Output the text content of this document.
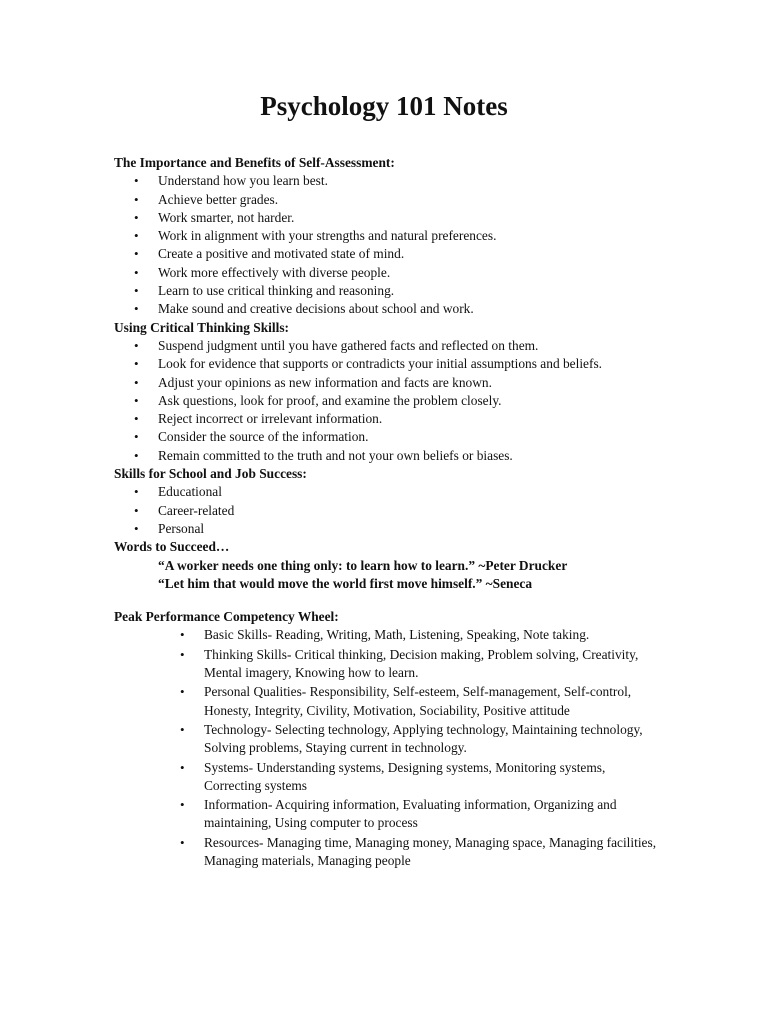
Psychology 101 Notes

The Importance and Benefits of Self-Assessment:

• Understand how you learn best.
• Achieve better grades.
• Work smarter, not harder.
• Work in alignment with your strengths and natural preferences.
• Create a positive and motivated state of mind.
• Work more effectively with diverse people.
• Learn to use critical thinking and reasoning.
• Make sound and creative decisions about school and work.

Using Critical Thinking Skills:

• Suspend judgment until you have gathered facts and reflected on them.
• Look for evidence that supports or contradicts your initial assumptions and beliefs.
• Adjust your opinions as new information and facts are known.
• Ask questions, look for proof, and examine the problem closely.
• Reject incorrect or irrelevant information.
• Consider the source of the information.
• Remain committed to the truth and not your own beliefs or biases.

Skills for School and Job Success:

• Educational
• Career-related
• Personal

Words to Succeed…

“A worker needs one thing only: to learn how to learn.” ~Peter Drucker
“Let him that would move the world first move himself.” ~Seneca

Peak Performance Competency Wheel:

• Basic Skills- Reading, Writing, Math, Listening, Speaking, Note taking.
• Thinking Skills- Critical thinking, Decision making, Problem solving, Creativity, Mental imagery, Knowing how to learn.
• Personal Qualities- Responsibility, Self-esteem, Self-management, Self-control, Honesty, Integrity, Civility, Motivation, Sociability, Positive attitude
• Technology- Selecting technology, Applying technology, Maintaining technology, Solving problems, Staying current in technology.
• Systems- Understanding systems, Designing systems, Monitoring systems, Correcting systems
• Information- Acquiring information, Evaluating information, Organizing and maintaining, Using computer to process
• Resources- Managing time, Managing money, Managing space, Managing facilities, Managing materials, Managing people
